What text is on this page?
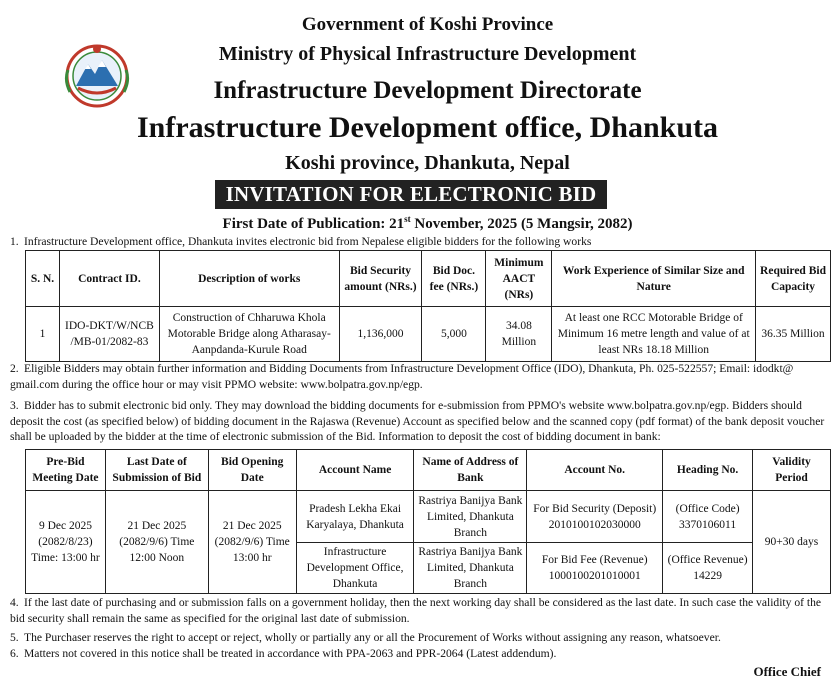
Government of Koshi Province
Ministry of Physical Infrastructure Development
Infrastructure Development Directorate
Infrastructure Development office, Dhankuta
Koshi province, Dhankuta, Nepal
INVITATION FOR ELECTRONIC BID
First Date of Publication: 21st November, 2025 (5 Mangsir, 2082)
1. Infrastructure Development office, Dhankuta invites electronic bid from Nepalese eligible bidders for the following works
S. N.	Contract ID.	Description of works	Bid Security amount (NRs.)	Bid Doc. fee (NRs.)	Minimum AACT (NRs)	Work Experience of Similar Size and Nature	Required Bid Capacity
1	IDO-DKT/W/NCB /MB-01/2082-83	Construction of Chharuwa Khola Motorable Bridge along Atharasay-Aanpdanda-Kurule Road	1,136,000	5,000	34.08 Million	At least one RCC Motorable Bridge of Minimum 16 metre length and value of at least NRs 18.18 Million	36.35 Million
2. Eligible Bidders may obtain further information and Bidding Documents from Infrastructure Development Office (IDO), Dhankuta, Ph. 025-522557; Email: idodkt@ gmail.com during the office hour or may visit PPMO website: www.bolpatra.gov.np/egp.
3. Bidder has to submit electronic bid only. They may download the bidding documents for e-submission from PPMO's website www.bolpatra.gov.np/egp. Bidders should deposit the cost (as specified below) of bidding document in the Rajaswa (Revenue) Account as specified below and the scanned copy (pdf format) of the bank deposit voucher shall be uploaded by the bidder at the time of electronic submission of the Bid. Information to deposit the cost of bidding document in bank:
Pre-Bid Meeting Date	Last Date of Submission of Bid	Bid Opening Date	Account Name	Name of Address of Bank	Account No.	Heading No.	Validity Period
9 Dec 2025 (2082/8/23) Time: 13:00 hr	21 Dec 2025 (2082/9/6) Time 12:00 Noon	21 Dec 2025 (2082/9/6) Time 13:00 hr	Pradesh Lekha Ekai Karyalaya, Dhankuta	Rastriya Banijya Bank Limited, Dhankuta Branch	For Bid Security (Deposit) 2010100102030000	(Office Code) 3370106011	90+30 days
			Infrastructure Development Office, Dhankuta	Rastriya Banijya Bank Limited, Dhankuta Branch	For Bid Fee (Revenue) 1000100201010001	(Office Revenue) 14229	
4. If the last date of purchasing and or submission falls on a government holiday, then the next working day shall be considered as the last date. In such case the validity of the bid security shall remain the same as specified for the original last date of submission.
5. The Purchaser reserves the right to accept or reject, wholly or partially any or all the Procurement of Works without assigning any reason, whatsoever.
6. Matters not covered in this notice shall be treated in accordance with PPA-2063 and PPR-2064 (Latest addendum).
Office Chief
